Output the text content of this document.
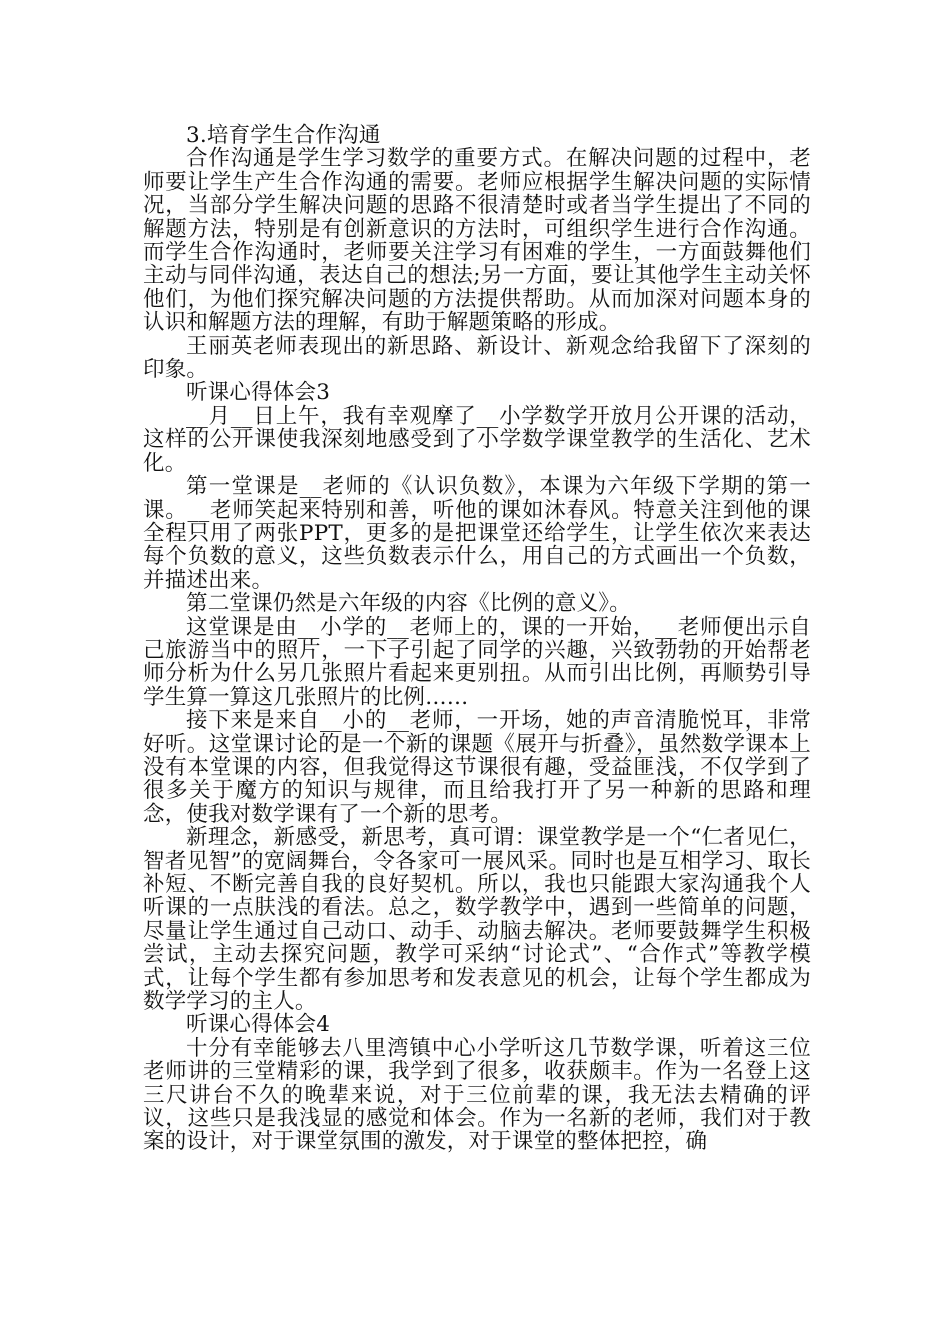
3.培育学生合作沟通

合作沟通是学生学习数学的重要方式。在解决问题的过程中，老师要让学生产生合作沟通的需要。老师应根据学生解决问题的实际情况，当部分学生解决问题的思路不很清楚时或者当学生提出了不同的解题方法，特别是有创新意识的方法时，可组织学生进行合作沟通。而学生合作沟通时，老师要关注学习有困难的学生，一方面鼓舞他们主动与同伴沟通，表达自己的想法;另一方面，要让其他学生主动关怀他们，为他们探究解决问题的方法提供帮助。从而加深对问题本身的认识和解题方法的理解，有助于解题策略的形成。

王丽英老师表现出的新思路、新设计、新观念给我留下了深刻的印象。

听课心得体会3

__月__日上午，我有幸观摩了__小学数学开放月公开课的活动，这样的公开课使我深刻地感受到了小学数学课堂教学的生活化、艺术化。

第一堂课是__老师的《认识负数》，本课为六年级下学期的第一课。__老师笑起来特别和善，听他的课如沐春风。特意关注到他的课全程只用了两张PPT，更多的是把课堂还给学生，让学生依次来表达每个负数的意义，这些负数表示什么，用自己的方式画出一个负数，并描述出来。

第二堂课仍然是六年级的内容《比例的意义》。

这堂课是由__小学的__老师上的，课的一开始，__老师便出示自己旅游当中的照片，一下子引起了同学的兴趣，兴致勃勃的开始帮老师分析为什么另几张照片看起来更别扭。从而引出比例，再顺势引导学生算一算这几张照片的比例……

接下来是来自__小的__老师，一开场，她的声音清脆悦耳，非常好听。这堂课讨论的是一个新的课题《展开与折叠》，虽然数学课本上没有本堂课的内容，但我觉得这节课很有趣，受益匪浅，不仅学到了很多关于魔方的知识与规律，而且给我打开了另一种新的思路和理念，使我对数学课有了一个新的思考。

新理念，新感受，新思考，真可谓：课堂教学是一个“仁者见仁，智者见智”的宽阔舞台，令各家可一展风采。同时也是互相学习、取长补短、不断完善自我的良好契机。所以，我也只能跟大家沟通我个人听课的一点肤浅的看法。总之，数学教学中，遇到一些简单的问题，尽量让学生通过自己动口、动手、动脑去解决。老师要鼓舞学生积极尝试，主动去探究问题，教学可采纳“讨论式”、“合作式”等教学模式，让每个学生都有参加思考和发表意见的机会，让每个学生都成为数学学习的主人。

听课心得体会4

十分有幸能够去八里湾镇中心小学听这几节数学课，听着这三位老师讲的三堂精彩的课，我学到了很多，收获颇丰。作为一名登上这三尺讲台不久的晚辈来说，对于三位前辈的课，我无法去精确的评议，这些只是我浅显的感觉和体会。作为一名新的老师，我们对于教案的设计，对于课堂氛围的激发，对于课堂的整体把控，确
